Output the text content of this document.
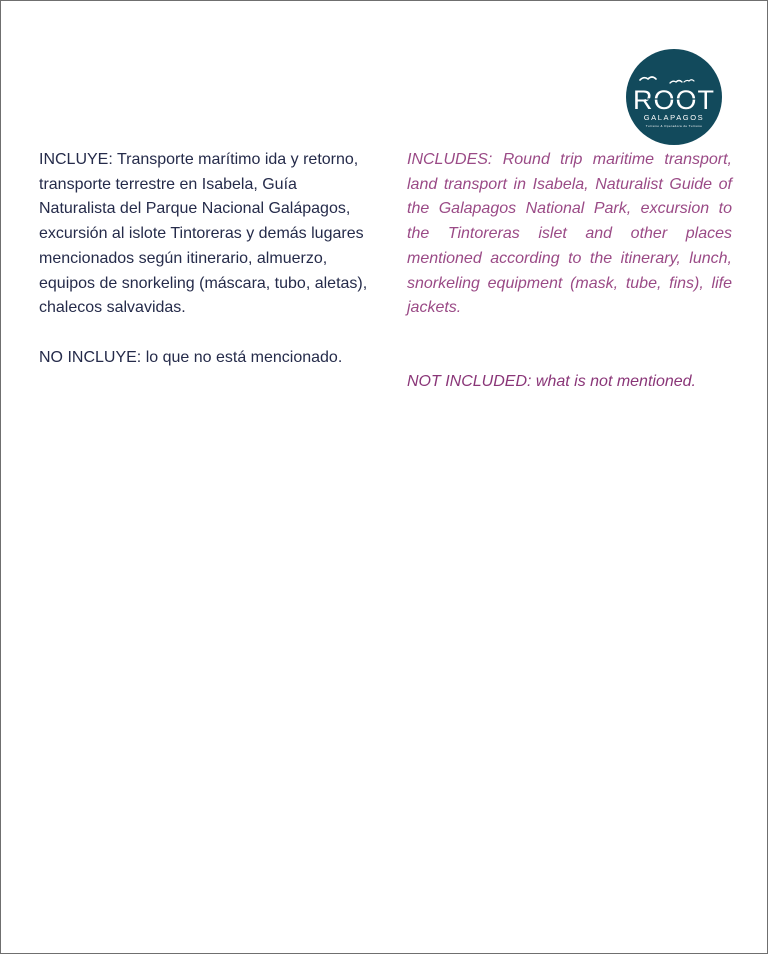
ROOT
GALAPAGOS
Turismo & Operadora de Turismo

INCLUYE: Transporte marítimo ida y retorno, transporte terrestre en Isabela, Guía Naturalista del Parque Nacional Galápagos, excursión al islote Tintoreras y demás lugares mencionados según itinerario, almuerzo, equipos de snorkeling (máscara, tubo, aletas), chalecos salvavidas.

NO INCLUYE: lo que no está mencionado.

INCLUDES: Round trip maritime transport, land transport in Isabela, Naturalist Guide of the Galapagos National Park, excursion to the Tintoreras islet and other places mentioned according to the itinerary, lunch, snorkeling equipment (mask, tube, fins), life jackets.

NOT INCLUDED: what is not mentioned.
